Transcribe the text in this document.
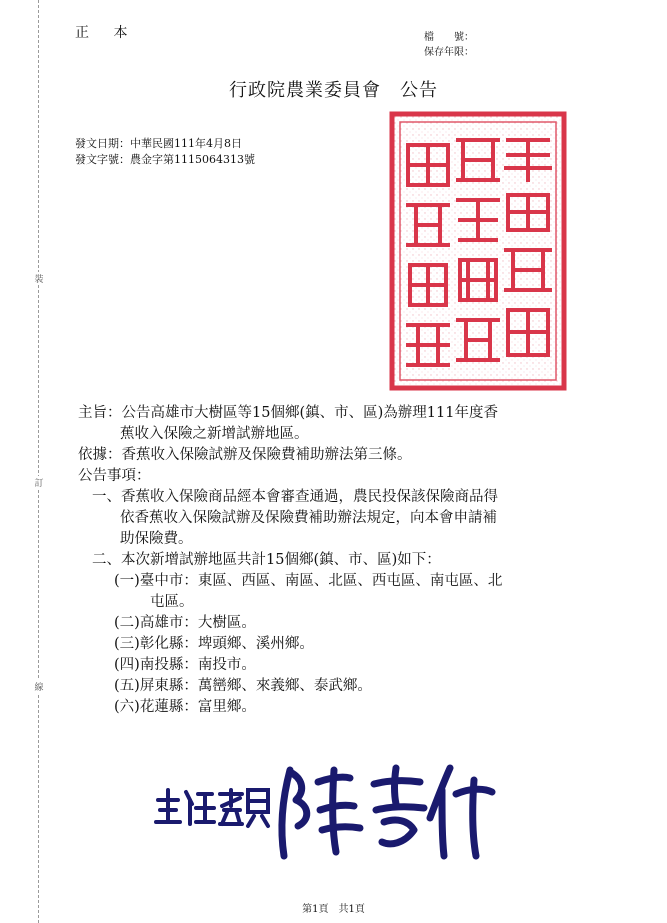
裝
訂
線
正 本	檔　　號：
保存年限：
行政院農業委員會　公告
發文日期：中華民國111年4月8日
發文字號：農金字第1115064313號
主旨：公告高雄市大樹區等15個鄉(鎮、市、區)為辦理111年度香
蕉收入保險之新增試辦地區。
依據：香蕉收入保險試辦及保險費補助辦法第三條。
公告事項：
一、香蕉收入保險商品經本會審查通過，農民投保該保險商品得
依香蕉收入保險試辦及保險費補助辦法規定，向本會申請補
助保險費。
二、本次新增試辦地區共計15個鄉(鎮、市、區)如下：
(一)臺中市：東區、西區、南區、北區、西屯區、南屯區、北
屯區。
(二)高雄市：大樹區。
(三)彰化縣：埤頭鄉、溪州鄉。
(四)南投縣：南投市。
(五)屏東縣：萬巒鄉、來義鄉、泰武鄉。
(六)花蓮縣：富里鄉。
第1頁　共1頁
